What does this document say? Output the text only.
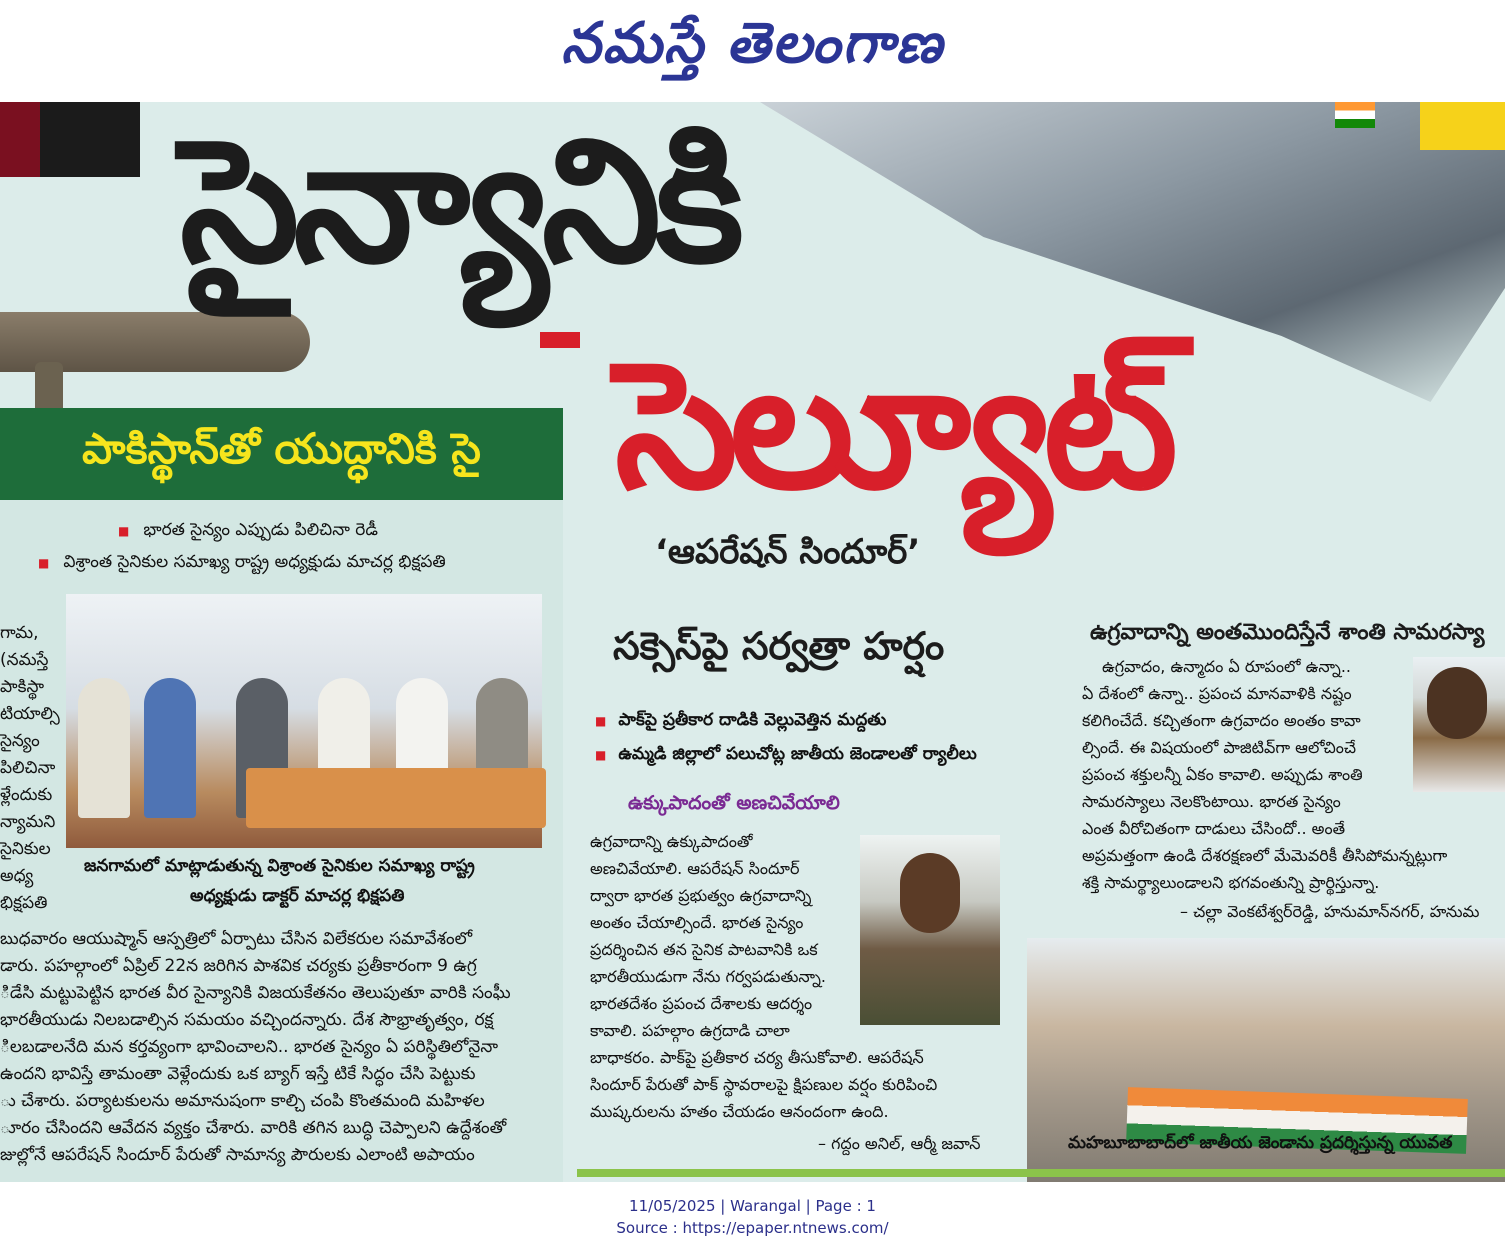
నమస్తే తెలంగాణ
సైన్యానికి
సెల్యూట్
పాకిస్థాన్‌తో యుద్ధానికి సై
■ భారత సైన్యం ఎప్పుడు పిలిచినా రెడీ
■ విశ్రాంత సైనికుల సమాఖ్య రాష్ట్ర అధ్యక్షుడు మాచర్ల భిక్షపతి
జనగామలో మాట్లాడుతున్న విశ్రాంత సైనికుల సమాఖ్య రాష్ట్ర
అధ్యక్షుడు డాక్టర్ మాచర్ల భిక్షపతి
గామ,
(నమస్తే
పాకిస్థా
టియాల్సి
సైన్యం
పిలిచినా
ళ్లేందుకు
న్యామని
సైనికుల
అధ్య
భిక్షపతి
బుధవారం ఆయుష్మాన్ ఆస్పత్రిలో ఏర్పాటు చేసిన విలేకరుల సమావేశంలో
డారు. పహల్గాంలో ఏప్రిల్ 22న జరిగిన పాశవిక చర్యకు ప్రతీకారంగా 9 ఉగ్ర
ిడేసి మట్టుపెట్టిన భారత వీర సైన్యానికి విజయకేతనం తెలుపుతూ వారికి సంఘీ
భారతీయుడు నిలబడాల్సిన సమయం వచ్చిందన్నారు. దేశ సౌభ్రాతృత్వం, రక్ష
ిలబడాలనేది మన కర్తవ్యంగా భావించాలని.. భారత సైన్యం ఏ పరిస్థితిలోనైనా
ఉందని భావిస్తే తామంతా వెళ్లేందుకు ఒక బ్యాగ్ ఇస్తే టికే సిద్ధం చేసి పెట్టుకు
ు చేశారు. పర్యాటకులను అమానుషంగా కాల్చి చంపి కొంతమంది మహిళల
ూరం చేసిందని ఆవేదన వ్యక్తం చేశారు. వారికి తగిన బుద్ధి చెప్పాలని ఉద్దేశంతో
జుల్లోనే ఆపరేషన్ సిందూర్ పేరుతో సామాన్య పౌరులకు ఎలాంటి అపాయం
‘ఆపరేషన్ సిందూర్’
సక్సెస్‌పై సర్వత్రా హర్షం
■ పాక్‌పై ప్రతీకార దాడికి వెల్లువెత్తిన మద్దతు
■ ఉమ్మడి జిల్లాలో పలుచోట్ల జాతీయ జెండాలతో ర్యాలీలు
ఉక్కుపాదంతో అణచివేయాలి
ఉగ్రవాదాన్ని ఉక్కుపాదంతో
అణచివేయాలి. ఆపరేషన్ సిందూర్
ద్వారా భారత ప్రభుత్వం ఉగ్రవాదాన్ని
అంతం చేయాల్సిందే. భారత సైన్యం
ప్రదర్శించిన తన సైనిక పాటవానికి ఒక
భారతీయుడుగా నేను గర్వపడుతున్నా.
భారతదేశం ప్రపంచ దేశాలకు ఆదర్శం
కావాలి. పహల్గాం ఉగ్రదాడి చాలా
బాధాకరం. పాక్‌పై ప్రతీకార చర్య తీసుకోవాలి. ఆపరేషన్
సిందూర్ పేరుతో పాక్ స్థావరాలపై క్షిపణుల వర్షం కురిపించి
ముష్కరులను హతం చేయడం ఆనందంగా ఉంది.
– గద్దం అనిల్, ఆర్మీ జవాన్
ఉగ్రవాదాన్ని అంతమొందిస్తేనే శాంతి సామరస్యా
ఉగ్రవాదం, ఉన్మాదం ఏ రూపంలో ఉన్నా..
ఏ దేశంలో ఉన్నా.. ప్రపంచ మానవాళికి నష్టం
కలిగించేదే. కచ్చితంగా ఉగ్రవాదం అంతం కావా
ల్సిందే. ఈ విషయంలో పాజిటివ్‌గా ఆలోచించే
ప్రపంచ శక్తులన్నీ ఏకం కావాలి. అప్పుడు శాంతి
సామరస్యాలు నెలకొంటాయి. భారత సైన్యం
ఎంత వీరోచితంగా దాడులు చేసిందో.. అంతే
అప్రమత్తంగా ఉండి దేశరక్షణలో మేమెవరికీ తీసిపోమన్నట్లుగా
శక్తి సామర్థ్యాలుండాలని భగవంతున్ని ప్రార్థిస్తున్నా.
– చల్లా వెంకటేశ్వర్‌రెడ్డి, హనుమాన్‌నగర్, హనుమ
మహబూబాబాద్‌లో జాతీయ జెండాను ప్రదర్శిస్తున్న యువత
11/05/2025 | Warangal | Page : 1
Source : https://epaper.ntnews.com/
